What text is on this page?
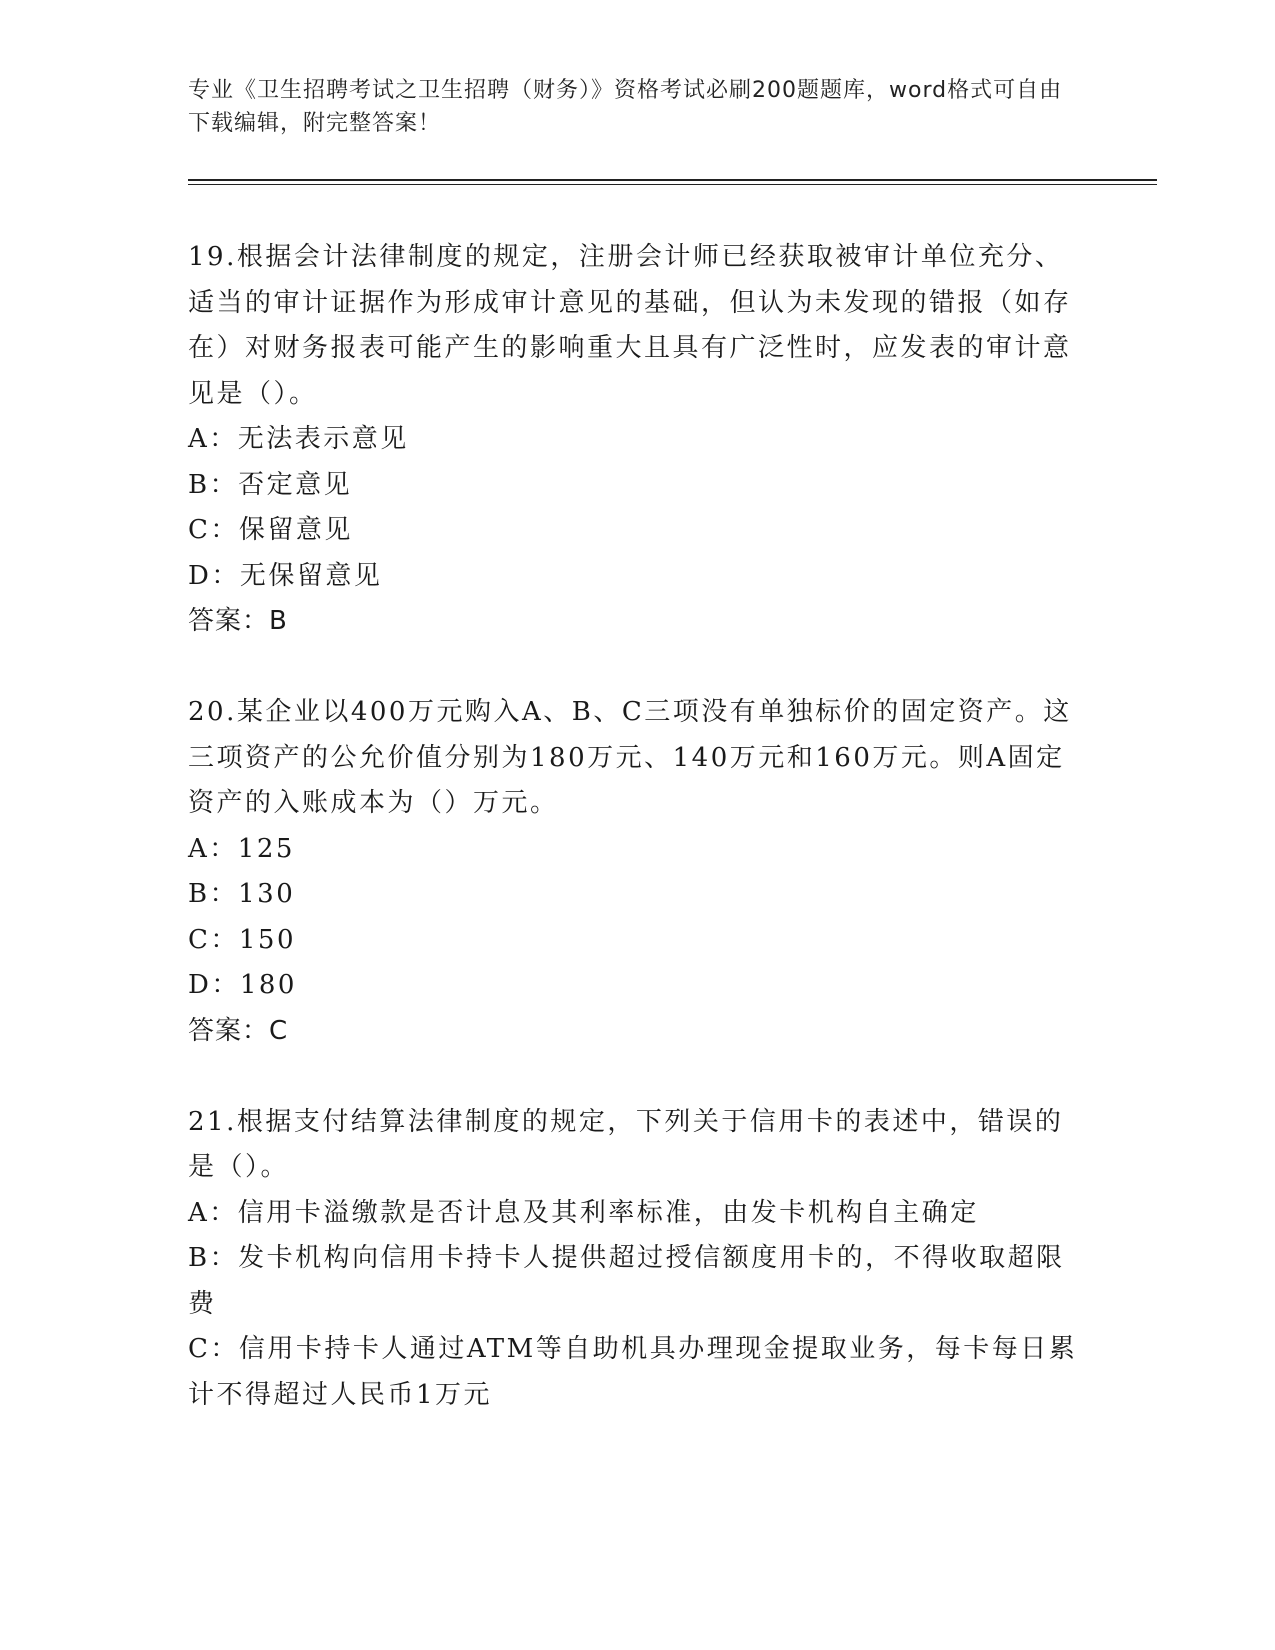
专业《卫生招聘考试之卫生招聘（财务）》资格考试必刷200题题库，word格式可自由下载编辑，附完整答案！
19.根据会计法律制度的规定，注册会计师已经获取被审计单位充分、适当的审计证据作为形成审计意见的基础，但认为未发现的错报（如存在）对财务报表可能产生的影响重大且具有广泛性时，应发表的审计意见是（）。
A：无法表示意见
B：否定意见
C：保留意见
D：无保留意见
答案：B
20.某企业以400万元购入A、B、C三项没有单独标价的固定资产。这三项资产的公允价值分别为180万元、140万元和160万元。则A固定资产的入账成本为（）万元。
A：125
B：130
C：150
D：180
答案：C
21.根据支付结算法律制度的规定，下列关于信用卡的表述中，错误的是（）。
A：信用卡溢缴款是否计息及其利率标准，由发卡机构自主确定
B：发卡机构向信用卡持卡人提供超过授信额度用卡的，不得收取超限费
C：信用卡持卡人通过ATM等自助机具办理现金提取业务，每卡每日累计不得超过人民币1万元
